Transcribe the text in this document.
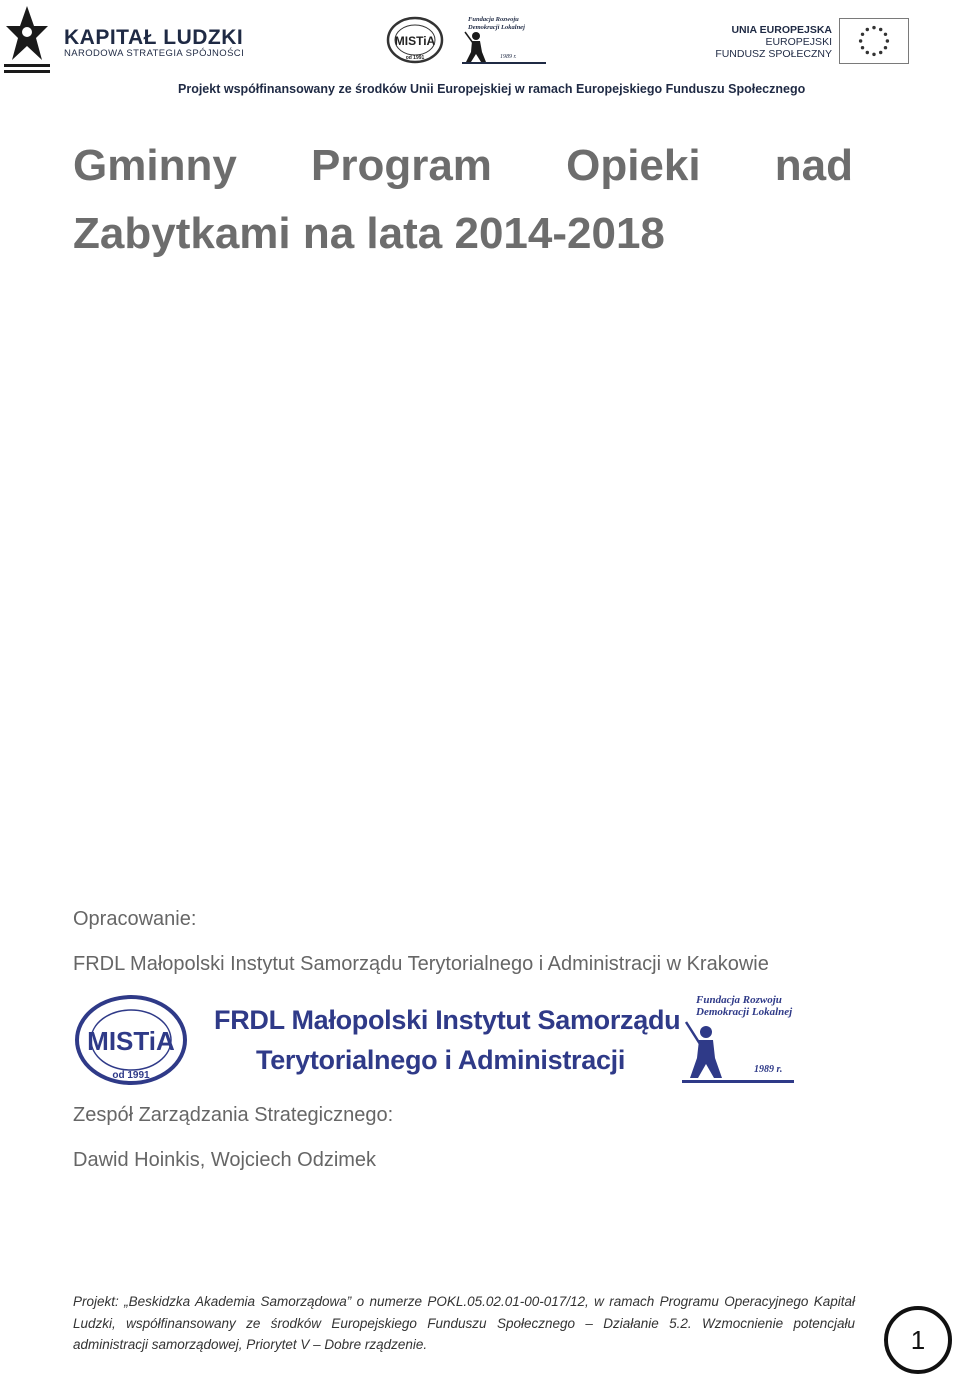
KAPITAŁ LUDZKI
NARODOWA STRATEGIA SPÓJNOŚCI
MISTiA
od 1991
Fundacja Rozwoju
Demokracji Lokalnej
1989 r.
UNIA EUROPEJSKA
EUROPEJSKI
FUNDUSZ SPOŁECZNY
Projekt współfinansowany ze środków Unii Europejskiej w ramach Europejskiego Funduszu Społecznego
Gminny Program Opieki nad
Zabytkami na lata 2014-2018
Opracowanie:
FRDL Małopolski Instytut Samorządu Terytorialnego i Administracji w Krakowie
MISTiA
od 1991
FRDL Małopolski Instytut Samorządu
Terytorialnego i Administracji
Fundacja Rozwoju
Demokracji Lokalnej
1989 r.
Zespół Zarządzania Strategicznego:
Dawid Hoinkis, Wojciech Odzimek

Projekt: „Beskidzka Akademia Samorządowa” o numerze POKL.05.02.01-00-017/12, w ramach Programu Operacyjnego Kapitał Ludzki, współfinansowany ze środków Europejskiego Funduszu Społecznego – Działanie 5.2. Wzmocnienie potencjału administracji samorządowej, Priorytet V – Dobre rządzenie.	1
